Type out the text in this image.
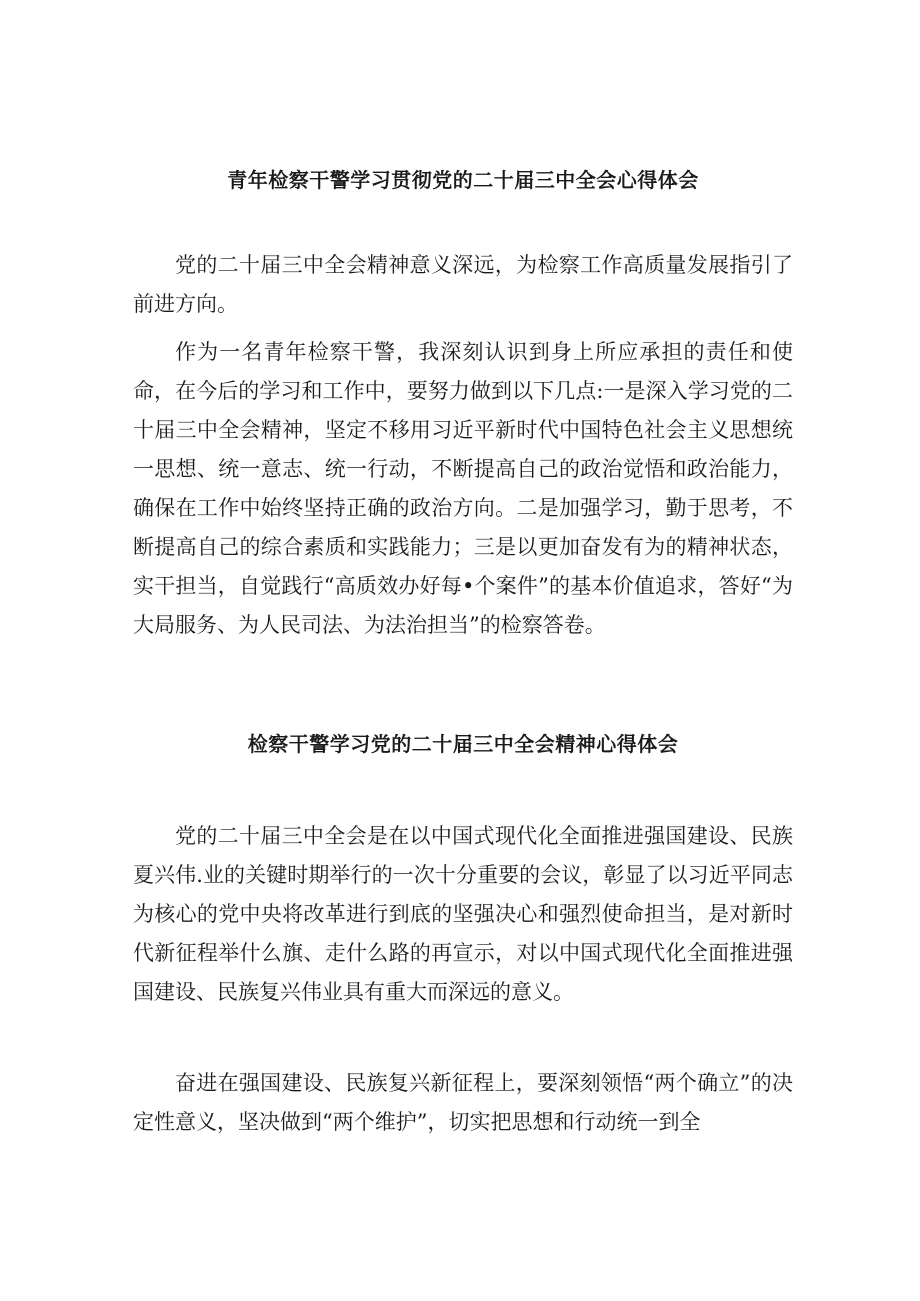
青年检察干警学习贯彻党的二十届三中全会心得体会

党的二十届三中全会精神意义深远，为检察工作高质量发展指引了前进方向。

作为一名青年检察干警，我深刻认识到身上所应承担的责任和使命，在今后的学习和工作中，要努力做到以下几点:一是深入学习党的二十届三中全会精神，坚定不移用习近平新时代中国特色社会主义思想统一思想、统一意志、统一行动，不断提高自己的政治觉悟和政治能力，确保在工作中始终坚持正确的政治方向。二是加强学习，勤于思考，不断提高自己的综合素质和实践能力；三是以更加奋发有为的精神状态，实干担当，自觉践行“高质效办好每•个案件”的基本价值追求，答好“为大局服务、为人民司法、为法治担当”的检察答卷。

检察干警学习党的二十届三中全会精神心得体会

党的二十届三中全会是在以中国式现代化全面推进强国建设、民族夏兴伟.业的关键时期举行的一次十分重要的会议，彰显了以习近平同志为核心的党中央将改革进行到底的坚强决心和强烈使命担当，是对新时代新征程举什么旗、走什么路的再宣示，对以中国式现代化全面推进强国建设、民族复兴伟业具有重大而深远的意义。

奋进在强国建设、民族复兴新征程上，要深刻领悟“两个确立”的决定性意义，坚决做到“两个维护”，切实把思想和行动统一到全
